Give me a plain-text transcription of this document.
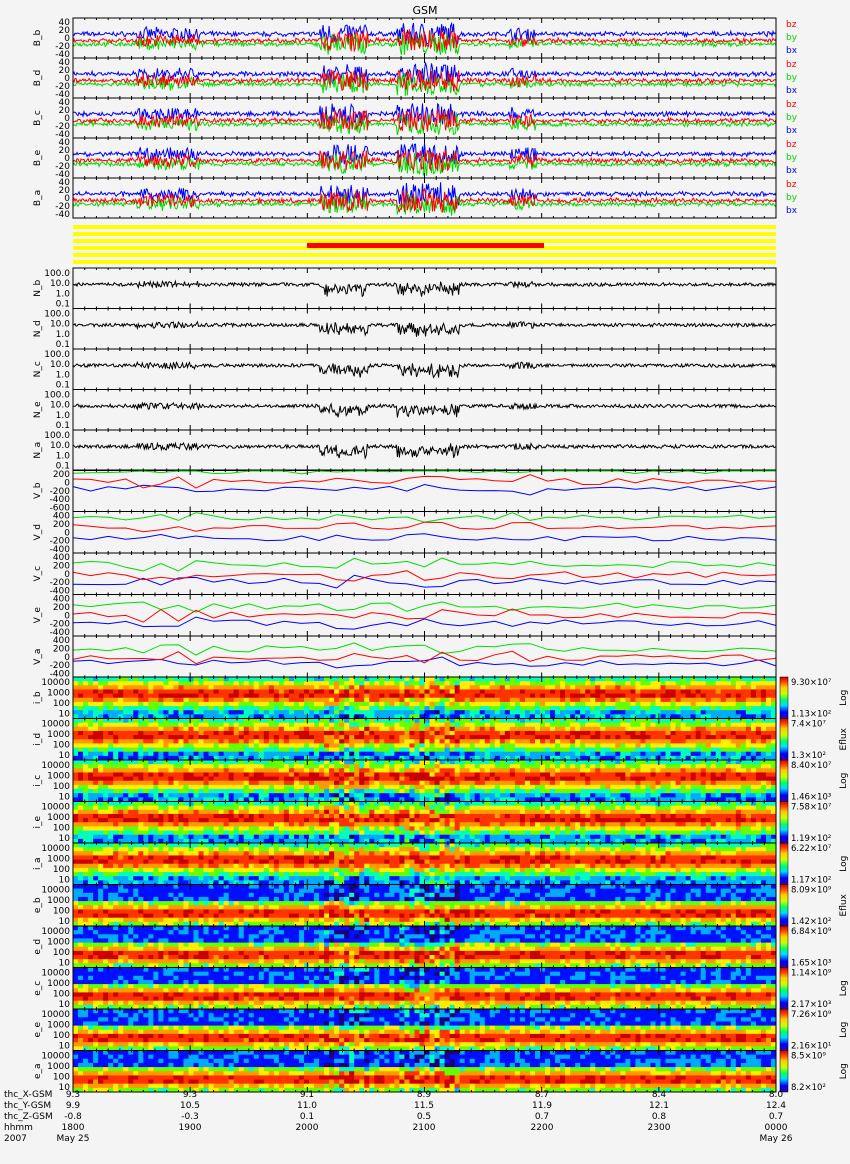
GSM
bx
by
bz
B_b
40
20
0
-20
-40
bx
by
bz
B_d
40
20
0
-20
-40
bx
by
bz
B_c
40
20
0
-20
-40
bx
by
bz
B_e
40
20
0
-20
-40
bx
by
bz
B_a
40
20
0
-20
-40
N_b
100.0
10.0
1.0
0.1
N_d
100.0
10.0
1.0
0.1
N_c
100.0
10.0
1.0
0.1
N_e
100.0
10.0
1.0
0.1
N_a
100.0
10.0
1.0
0.1
V_b
200
0
-200
-400
-600
V_d
400
200
0
-200
-400
V_c
400
200
0
-200
-400
V_e
400
200
0
-200
-400
V_a
400
200
0
-200
-400
i_b
10000
1000
100
10
9.30×10⁷
1.13×10²
Log
i_d
10000
1000
100
10
7.4×10⁷
1.3×10²
Eflux
i_c
10000
1000
100
10
8.40×10⁷
1.46×10³
Log
i_e
10000
1000
100
10
7.58×10⁷
1.19×10²
i_a
10000
1000
100
10
6.22×10⁷
1.17×10²
Log
e_b
10000
1000
100
10
8.09×10⁹
1.42×10²
Eflux
e_d
10000
1000
100
10
6.84×10⁹
1.65×10³
e_c
10000
1000
100
10
1.14×10⁹
2.17×10³
Log
e_e
10000
1000
100
10
7.26×10⁹
2.16×10¹
Log
e_a
10000
1000
100
10
8.5×10⁹
8.2×10²
Log
thc_X-GSM 9.3	9.3	9.1	8.9	8.7	8.4	8.0
thc_Y-GSM 9.9	10.5	11.0	11.5	11.9	12.1	12.4
thc_Z-GSM -0.8	-0.3	0.1	0.5	0.7	0.8	0.7
hhmm	1800	1900	2000	2100	2200	2300	0000
2007	May 25	May 26
